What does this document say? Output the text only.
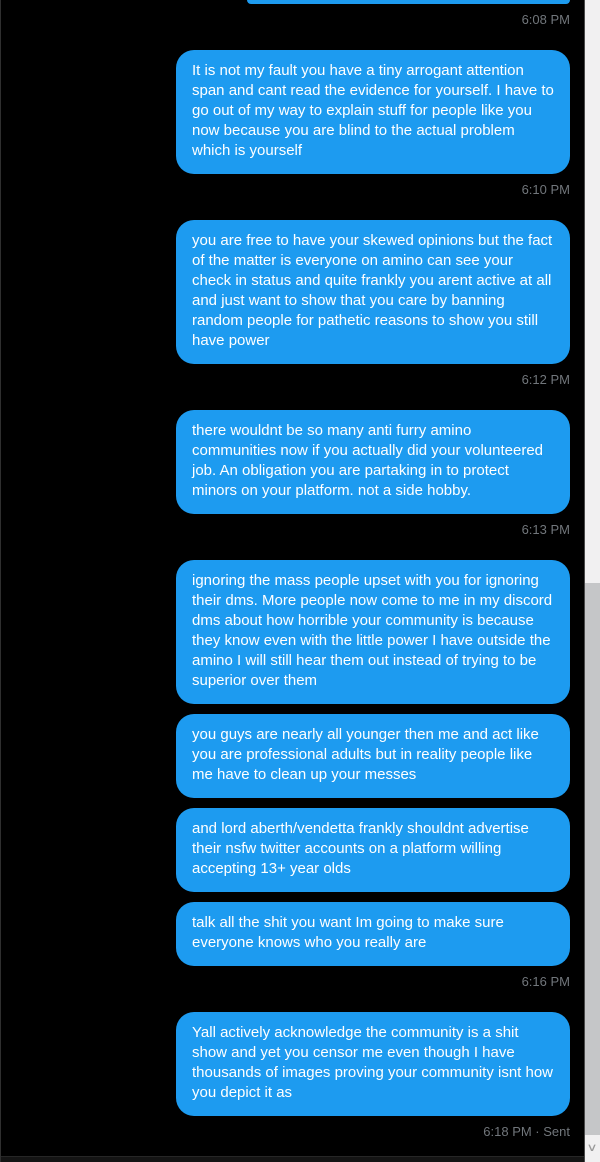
6:08 PM
It is not my fault you have a tiny arrogant attention span and cant read the evidence for yourself. I have to go out of my way to explain stuff for people like you now because you are blind to the actual problem which is yourself
6:10 PM
you are free to have your skewed opinions but the fact of the matter is everyone on amino can see your check in status and quite frankly you arent active at all and just want to show that you care by banning random people for pathetic reasons to show you still have power
6:12 PM
there wouldnt be so many anti furry amino communities now if you actually did your volunteered job. An obligation you are partaking in to protect minors on your platform. not a side hobby.
6:13 PM
ignoring the mass people upset with you for ignoring their dms. More people now come to me in my discord dms about how horrible your community is because they know even with the little power I have outside the amino I will still hear them out instead of trying to be superior over them
you guys are nearly all younger then me and act like you are professional adults but in reality people like me have to clean up your messes
and lord aberth/vendetta frankly shouldnt advertise their nsfw twitter accounts on a platform willing accepting 13+ year olds
talk all the shit you want Im going to make sure everyone knows who you really are
6:16 PM
Yall actively acknowledge the community is a shit show and yet you censor me even though I have thousands of images proving your community isnt how you depict it as
6:18 PM · Sent
∨
